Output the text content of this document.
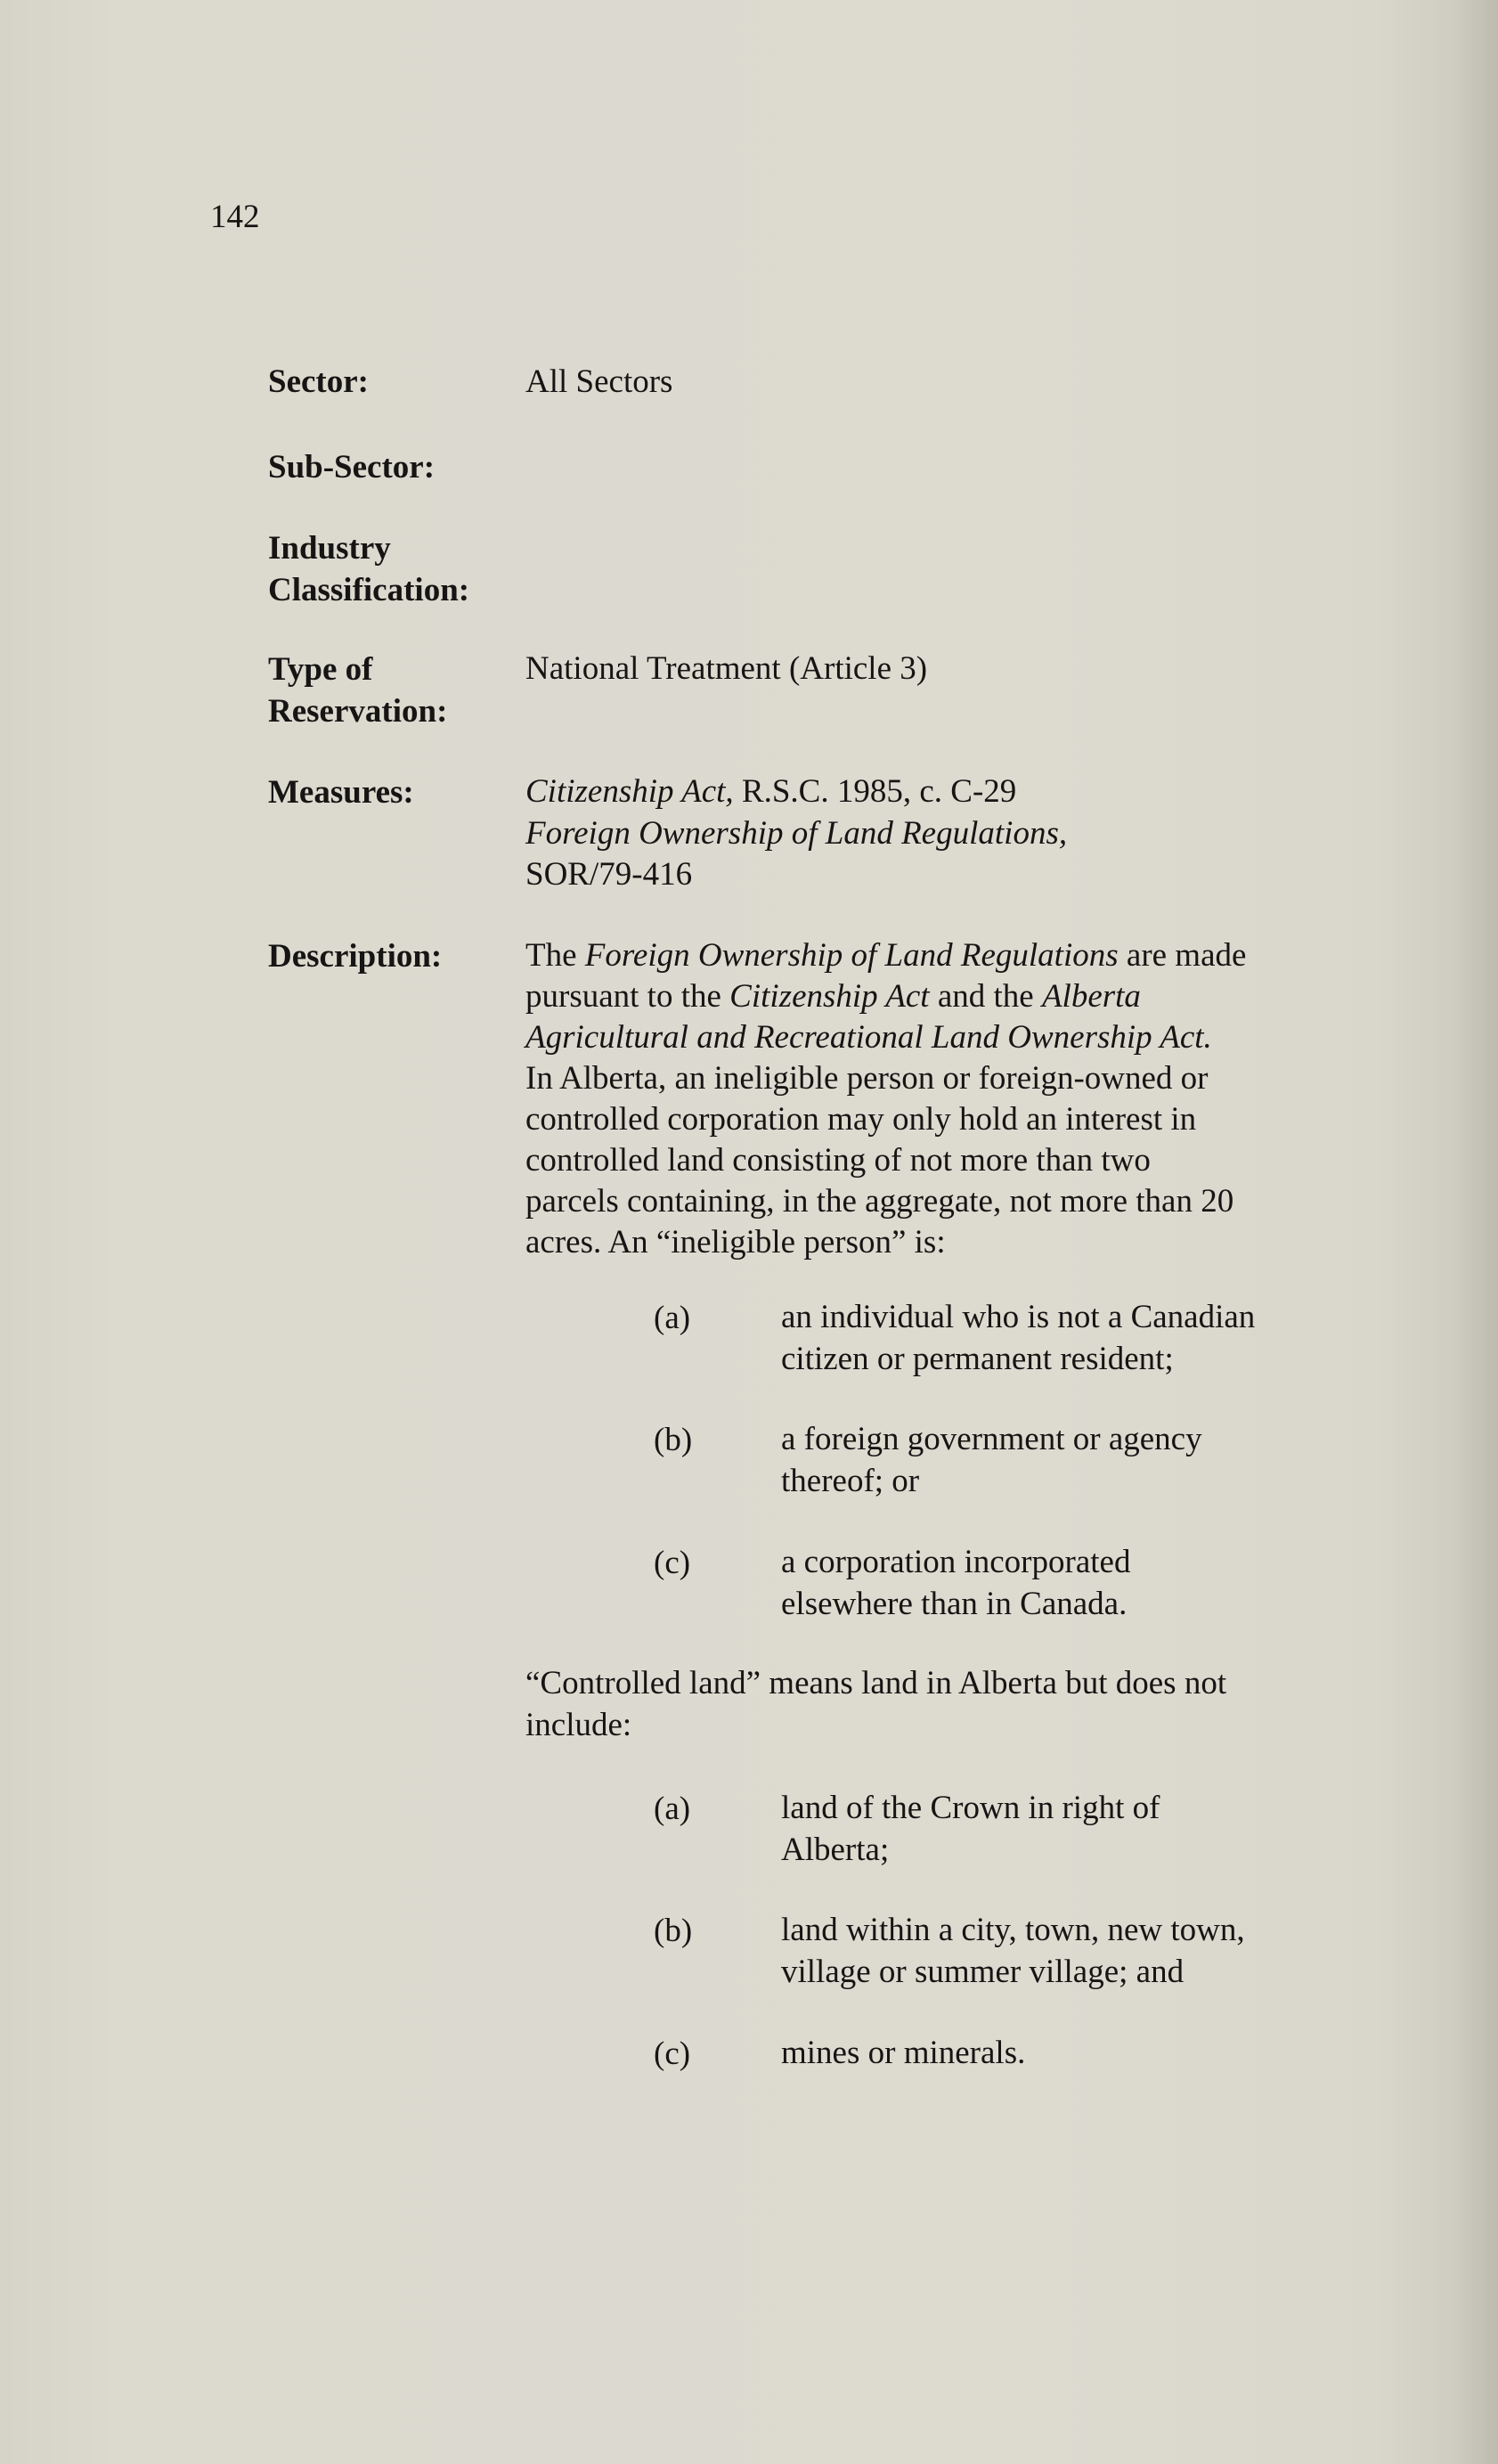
142
Sector:	All Sectors
Sub-Sector:
Industry
Classification:
Type of
Reservation:
National Treatment (Article 3)
Measures:	Citizenship Act, R.S.C. 1985, c. C-29
Foreign Ownership of Land Regulations,
SOR/79-416
Description:	The Foreign Ownership of Land Regulations are made
pursuant to the Citizenship Act and the Alberta
Agricultural and Recreational Land Ownership Act.
In Alberta, an ineligible person or foreign-owned or
controlled corporation may only hold an interest in
controlled land consisting of not more than two
parcels containing, in the aggregate, not more than 20
acres. An “ineligible person” is:
(a)	an individual who is not a Canadian
citizen or permanent resident;
(b)	a foreign government or agency
thereof; or
(c)	a corporation incorporated
elsewhere than in Canada.
“Controlled land” means land in Alberta but does not
include:
(a)	land of the Crown in right of
Alberta;
(b)	land within a city, town, new town,
village or summer village; and
(c)	mines or minerals.
